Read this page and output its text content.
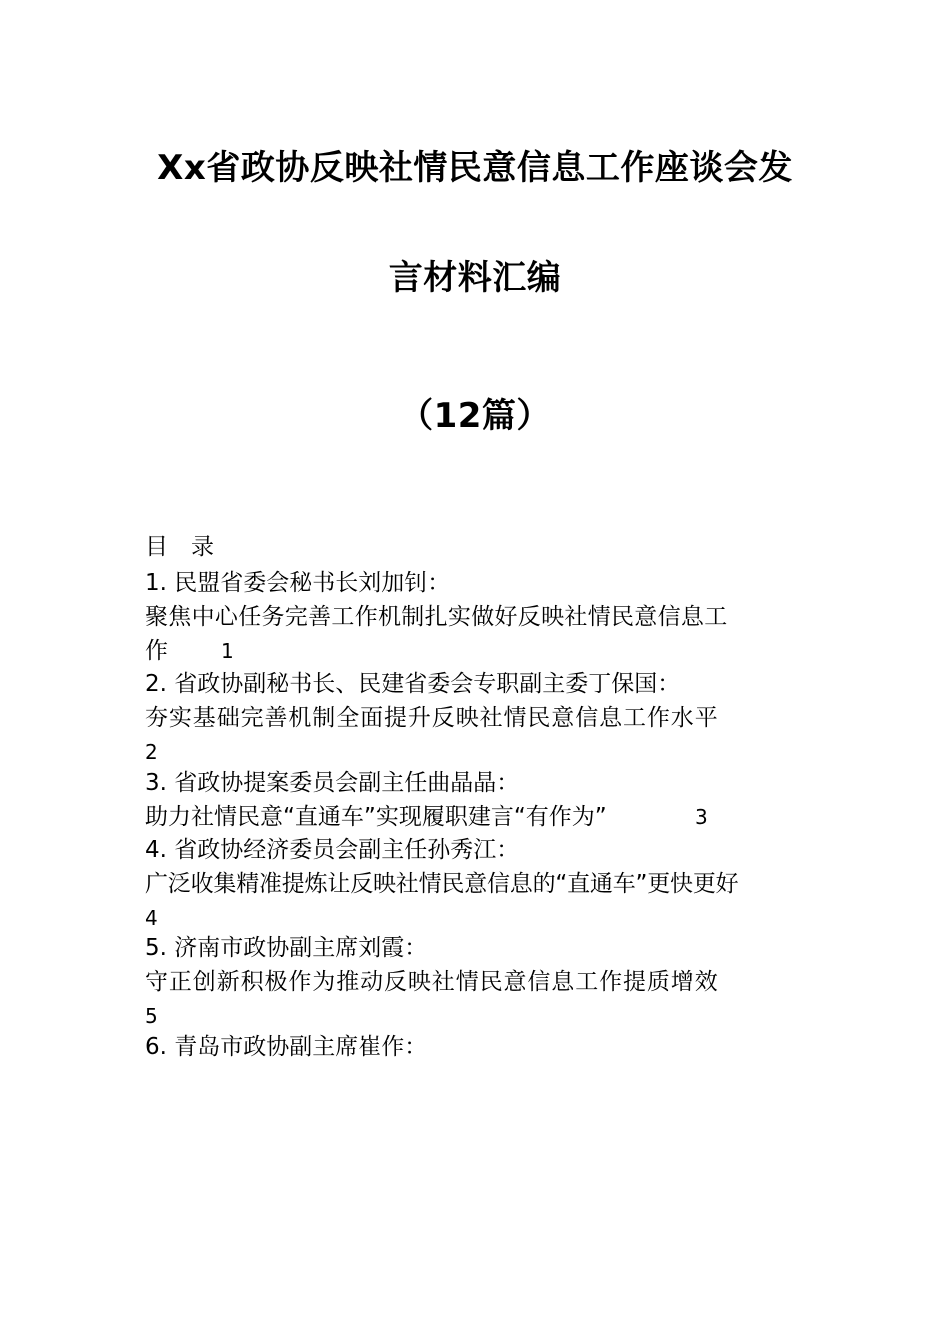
Xx省政协反映社情民意信息工作座谈会发
言材料汇编
（12篇）
目　录
1. 民盟省委会秘书长刘加钊：
聚焦中心任务完善工作机制扎实做好反映社情民意信息工
作	1
2. 省政协副秘书长、民建省委会专职副主委丁保国：
夯实基础完善机制全面提升反映社情民意信息工作水平
2
3. 省政协提案委员会副主任曲晶晶：
助力社情民意“直通车”实现履职建言“有作为”	3
4. 省政协经济委员会副主任孙秀江：
广泛收集精准提炼让反映社情民意信息的“直通车”更快更好
4
5. 济南市政协副主席刘霞：
守正创新积极作为推动反映社情民意信息工作提质增效
5
6. 青岛市政协副主席崔作：
